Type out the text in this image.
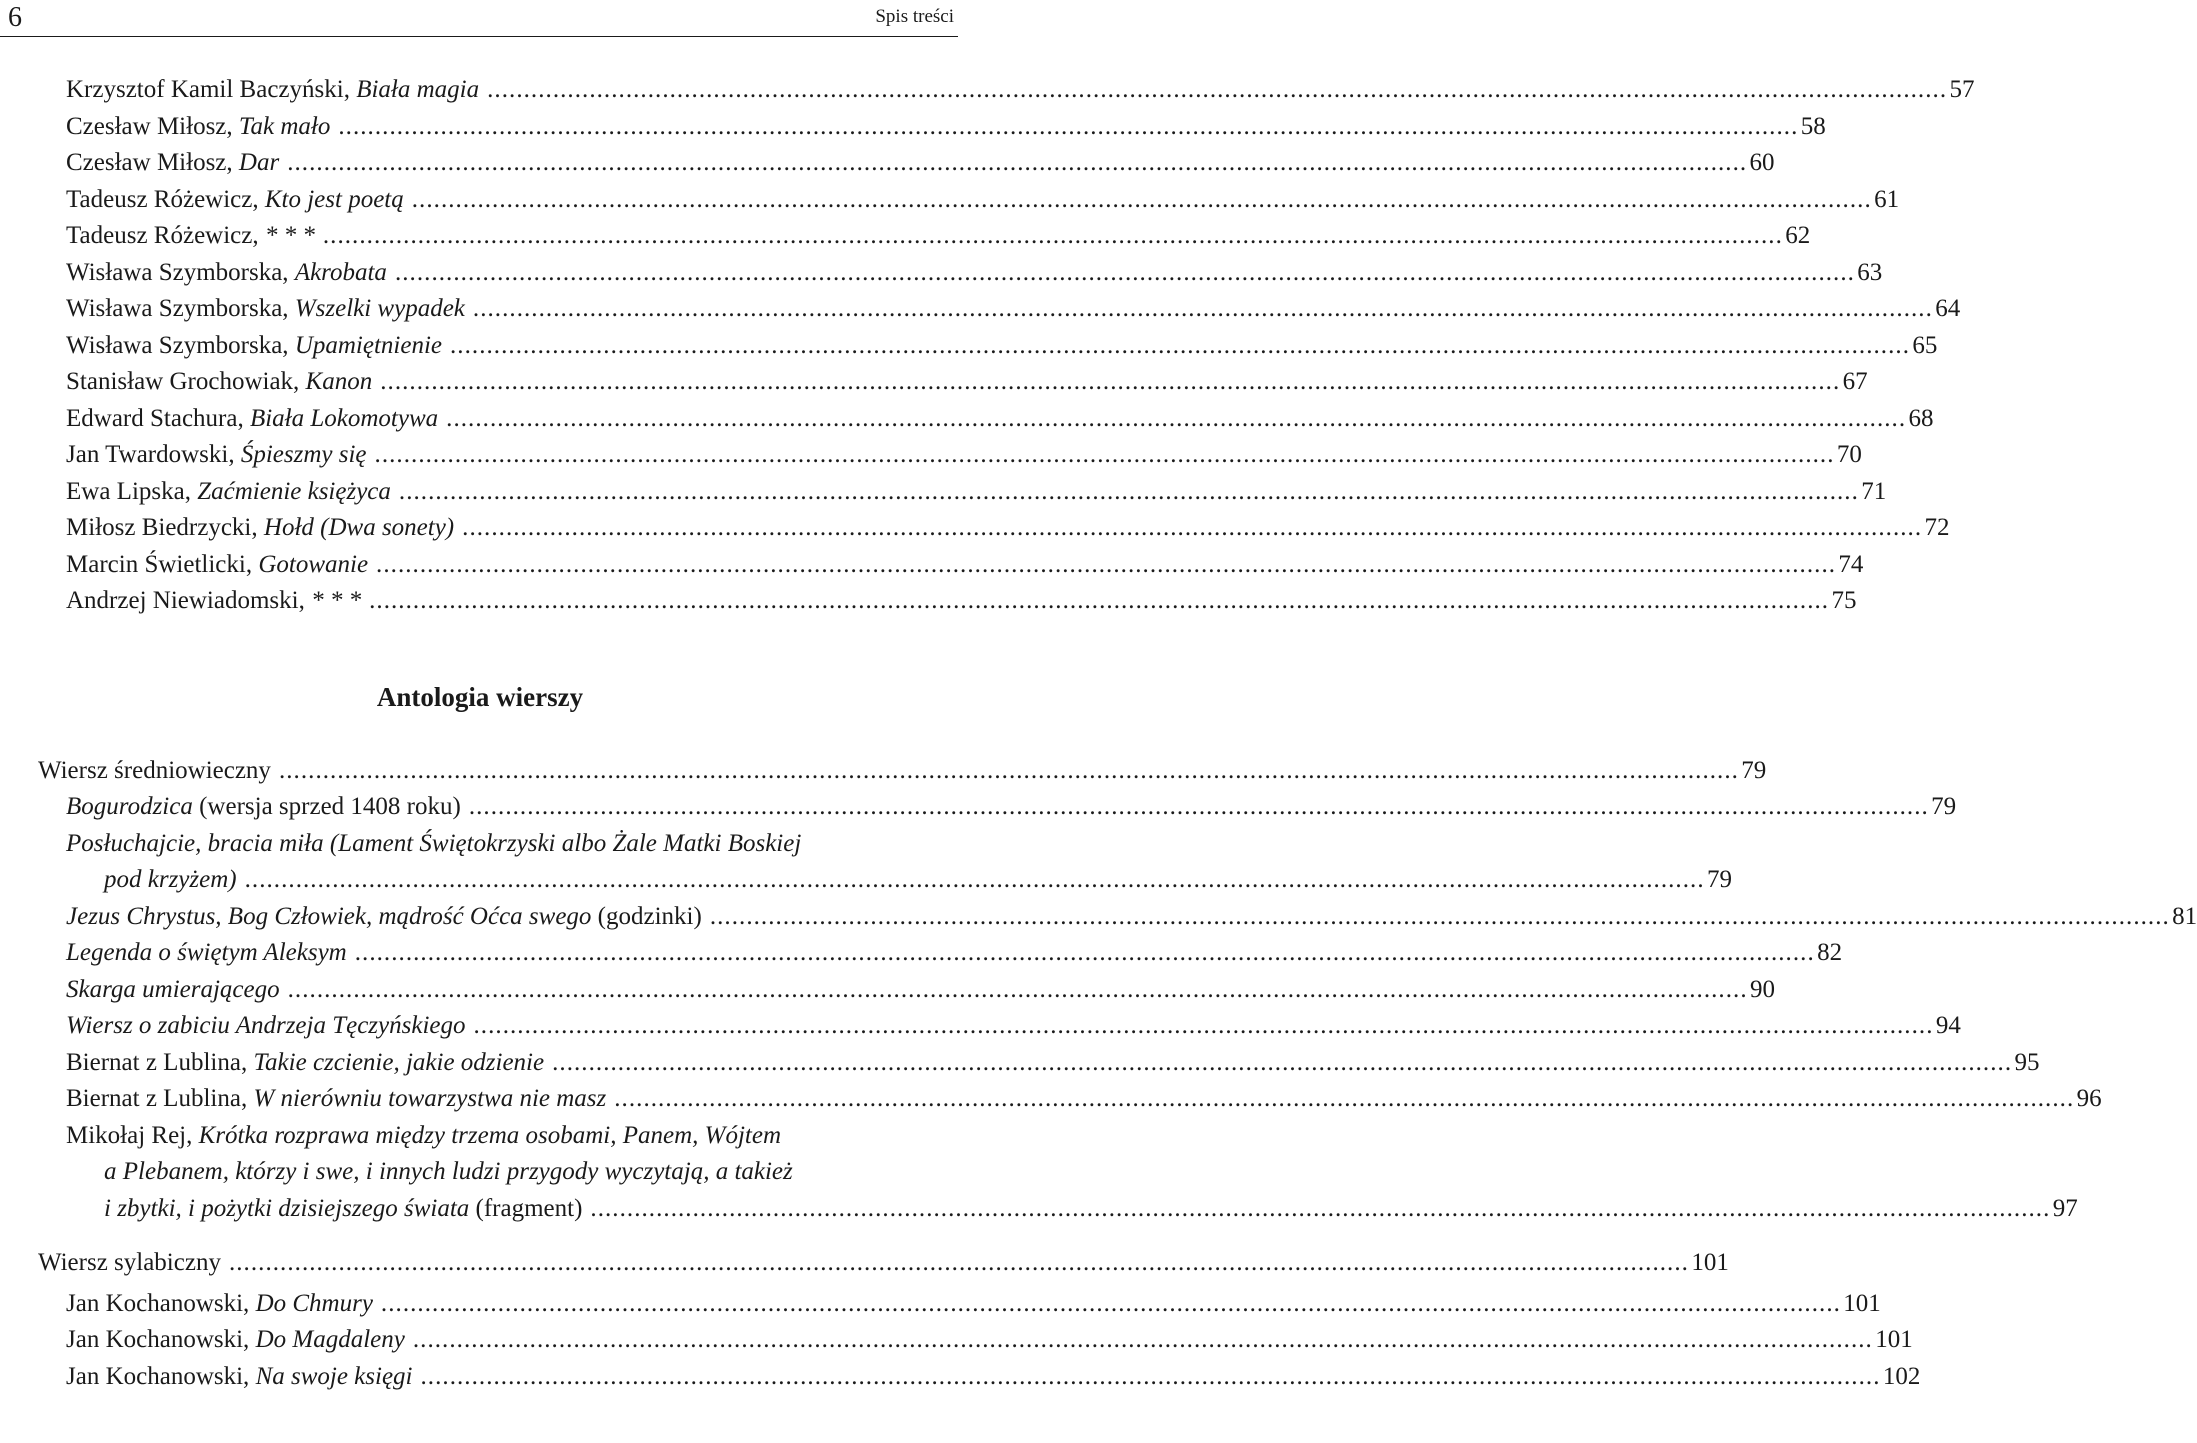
6	Spis treści
Krzysztof Kamil Baczyński, Biała magia . . .	57
Czesław Miłosz, Tak mało . . .	58
Czesław Miłosz, Dar . . .	60
Tadeusz Różewicz, Kto jest poetą . . .	61
Tadeusz Różewicz, * * * . . .	62
Wisława Szymborska, Akrobata . . .	63
Wisława Szymborska, Wszelki wypadek . . .	64
Wisława Szymborska, Upamiętnienie . . .	65
Stanisław Grochowiak, Kanon . . .	67
Edward Stachura, Biała Lokomotywa . . .	68
Jan Twardowski, Śpieszmy się . . .	70
Ewa Lipska, Zaćmienie księżyca . . .	71
Miłosz Biedrzycki, Hołd (Dwa sonety) . . .	72
Marcin Świetlicki, Gotowanie . . .	74
Andrzej Niewiadomski, * * * . . .	75
Antologia wierszy
Wiersz średniowieczny . . .	79
Bogurodzica (wersja sprzed 1408 roku) . . .	79
Posłuchajcie, bracia miła (Lament Świętokrzyski albo Żale Matki Boskiej
pod krzyżem) . . .	79
Jezus Chrystus, Bog Człowiek, mądrość Oćca swego (godzinki) . . .	81
Legenda o świętym Aleksym . . .	82
Skarga umierającego . . .	90
Wiersz o zabiciu Andrzeja Tęczyńskiego . . .	94
Biernat z Lublina, Takie czcienie, jakie odzienie . . .	95
Biernat z Lublina, W nierówniu towarzystwa nie masz . . .	96
Mikołaj Rej, Krótka rozprawa między trzema osobami, Panem, Wójtem
a Plebanem, którzy i swe, i innych ludzi przygody wyczytają, a takież
i zbytki, i pożytki dzisiejszego świata (fragment) . . .	97
Wiersz sylabiczny . . .	101
Jan Kochanowski, Do Chmury . . .	101
Jan Kochanowski, Do Magdaleny . . .	101
Jan Kochanowski, Na swoje księgi . . .	102
